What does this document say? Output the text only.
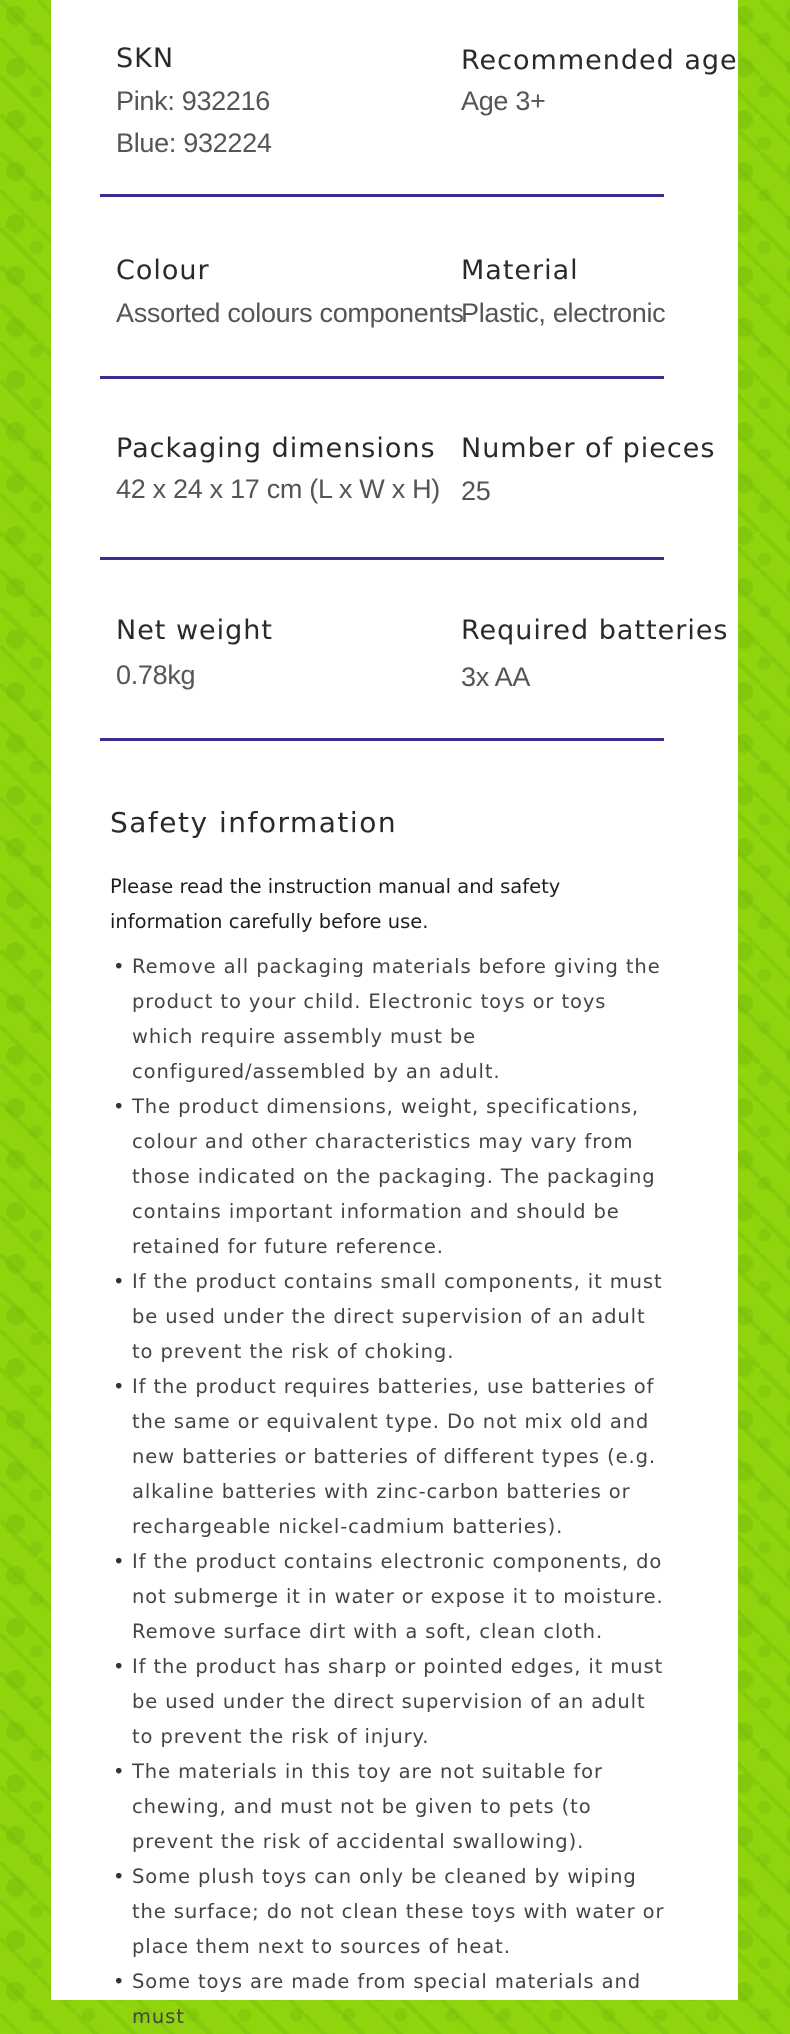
SKN
Pink: 932216
Blue: 932224
Recommended age
Age 3+
Colour
Assorted colours components
Material
Plastic, electronic
Packaging dimensions
42 x 24 x 17 cm (L x W x H)
Number of pieces
25
Net weight
0.78kg
Required batteries
3x AA
Safety information

Please read the instruction manual and safety information carefully before use.

• Remove all packaging materials before giving the product to your child. Electronic toys or toys which require assembly must be configured/assembled by an adult.
• The product dimensions, weight, specifications, colour and other characteristics may vary from those indicated on the packaging. The packaging contains important information and should be retained for future reference.
• If the product contains small components, it must be used under the direct supervision of an adult to prevent the risk of choking.
• If the product requires batteries, use batteries of the same or equivalent type. Do not mix old and new batteries or batteries of different types (e.g. alkaline batteries with zinc-carbon batteries or rechargeable nickel-cadmium batteries).
• If the product contains electronic components, do not submerge it in water or expose it to moisture. Remove surface dirt with a soft, clean cloth.
• If the product has sharp or pointed edges, it must be used under the direct supervision of an adult to prevent the risk of injury.
• The materials in this toy are not suitable for chewing, and must not be given to pets (to prevent the risk of accidental swallowing).
• Some plush toys can only be cleaned by wiping the surface; do not clean these toys with water or place them next to sources of heat.
• Some toys are made from special materials and must
